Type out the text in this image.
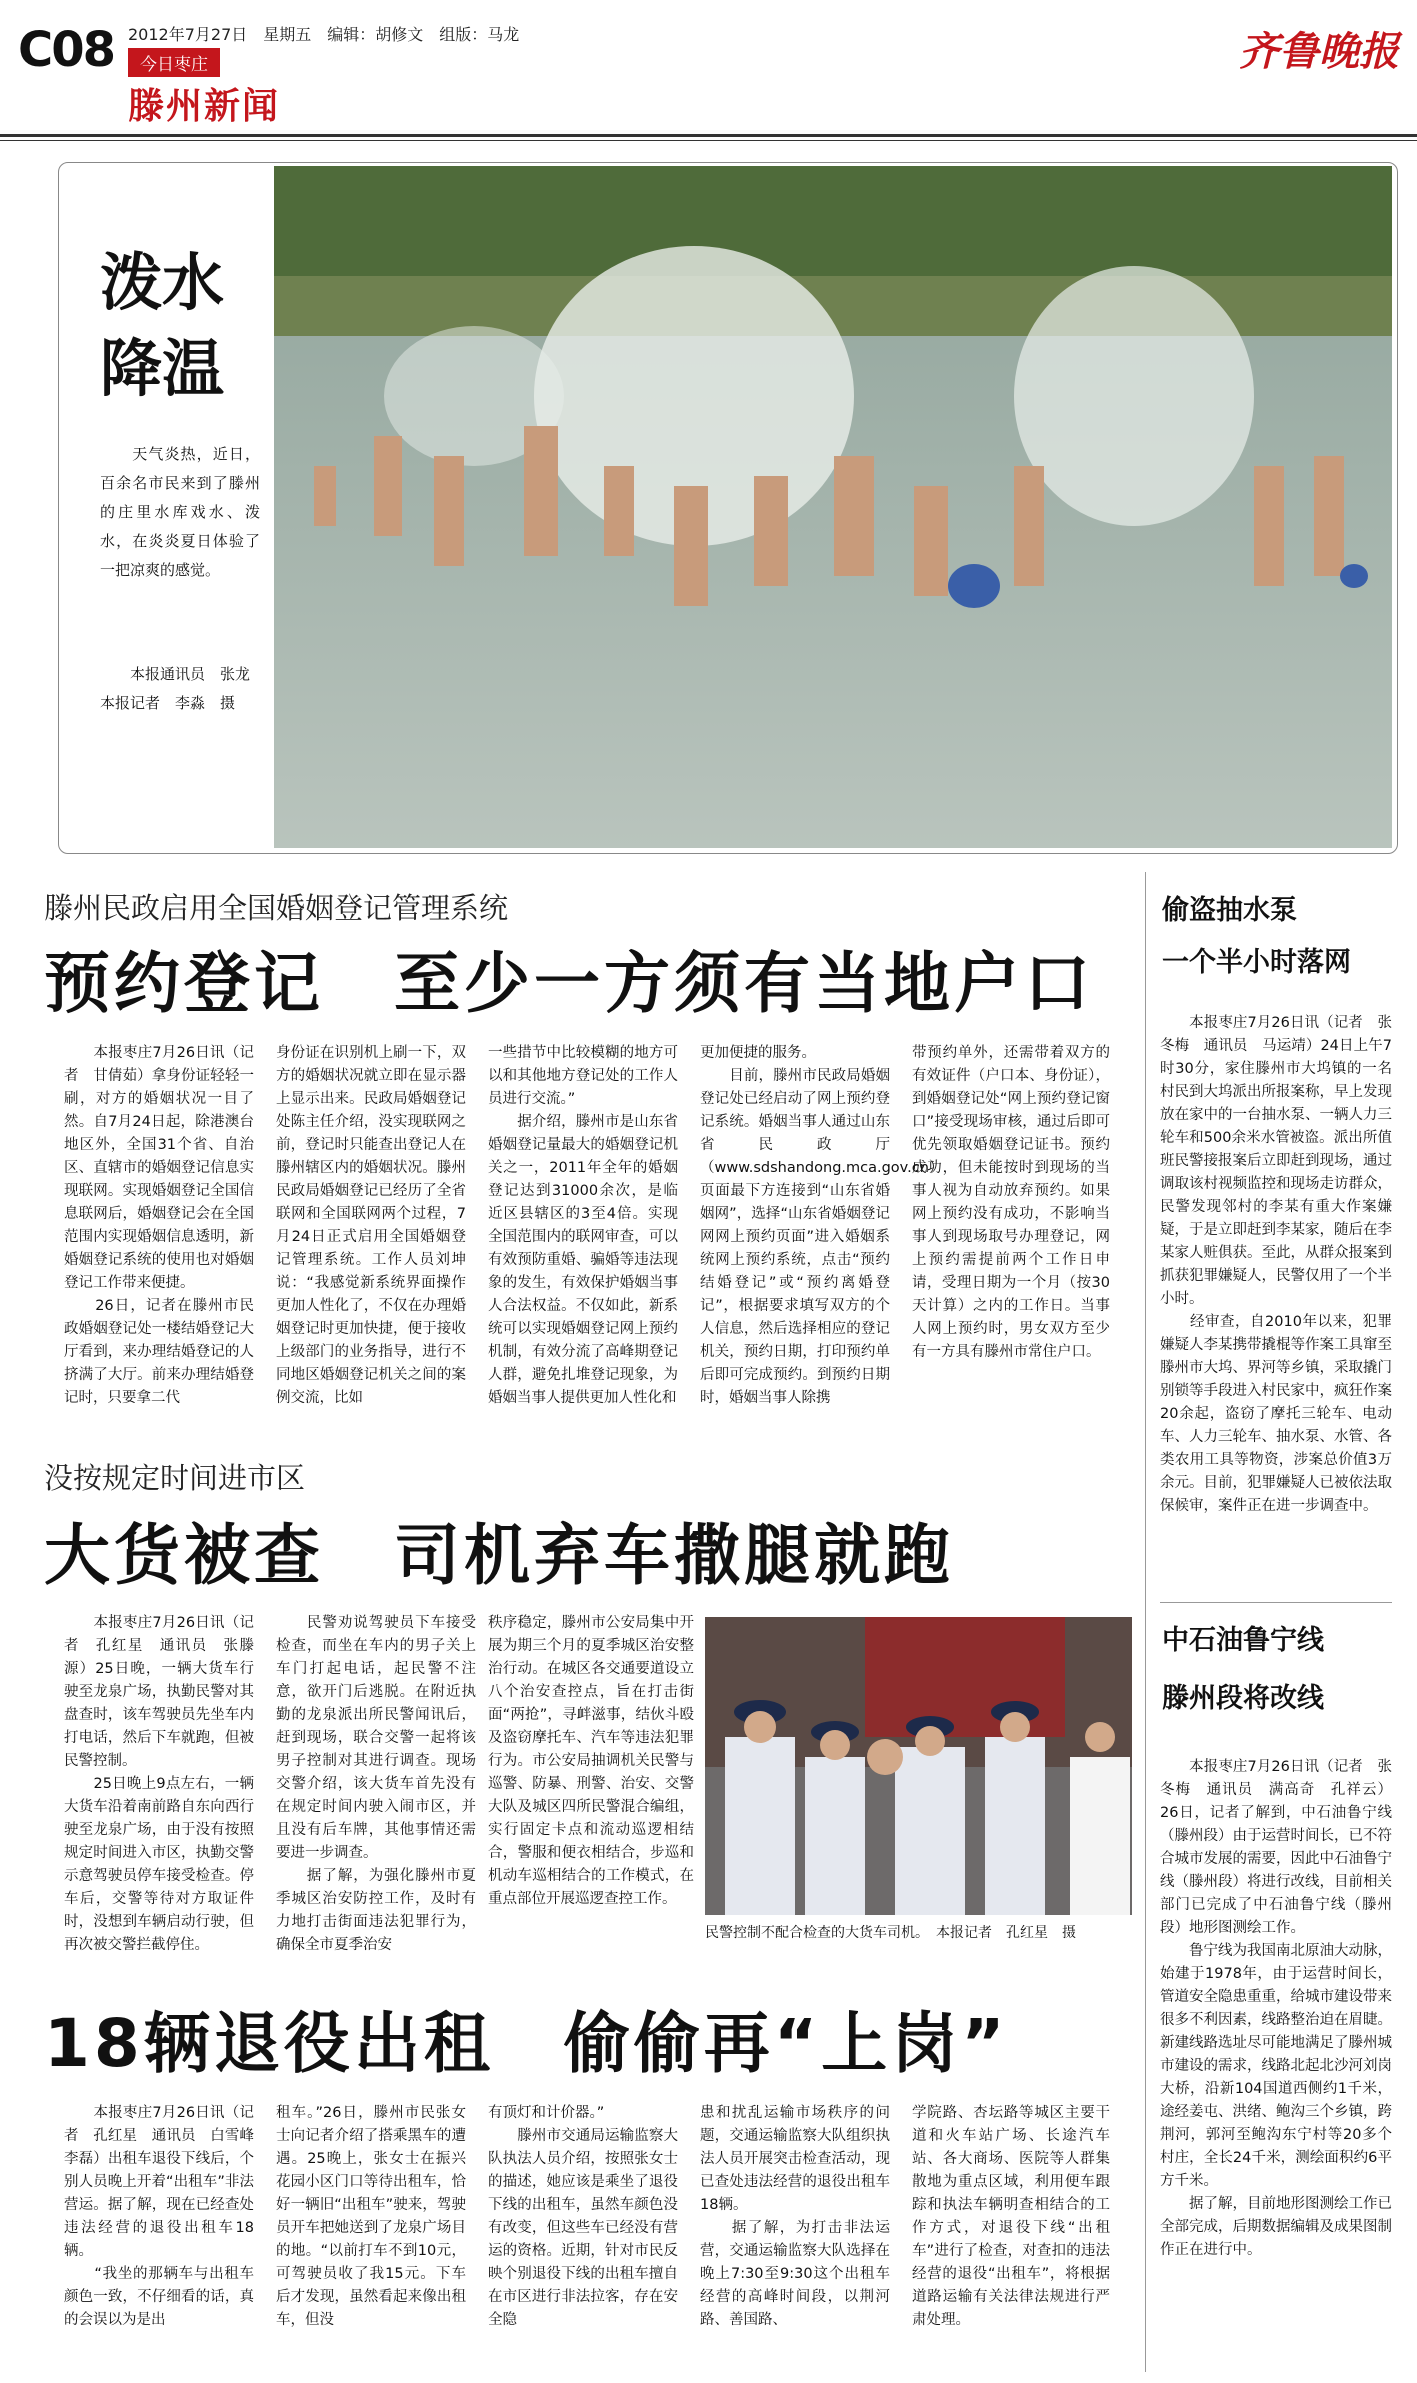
C08 2012年7月27日　星期五　编辑：胡修文　组版：马龙
今日枣庄
滕州新闻
齐鲁晚报
泼水
降温
　　天气炎热，近日，百余名市民来到了滕州的庄里水库戏水、泼水，在炎炎夏日体验了一把凉爽的感觉。
　　本报通讯员　张龙　本报记者　李淼　摄
滕州民政启用全国婚姻登记管理系统
预约登记　至少一方须有当地户口
　　本报枣庄7月26日讯（记者　甘倩茹）拿身份证轻轻一刷，对方的婚姻状况一目了然。自7月24日起，除港澳台地区外，全国31个省、自治区、直辖市的婚姻登记信息实现联网。实现婚姻登记全国信息联网后，婚姻登记会在全国范围内实现婚姻信息透明，新婚姻登记系统的使用也对婚姻登记工作带来便捷。
　　26日，记者在滕州市民政婚姻登记处一楼结婚登记大厅看到，来办理结婚登记的人挤满了大厅。前来办理结婚登记时，只要拿二代
身份证在识别机上刷一下，双方的婚姻状况就立即在显示器上显示出来。民政局婚姻登记处陈主任介绍，没实现联网之前，登记时只能查出登记人在滕州辖区内的婚姻状况。滕州民政局婚姻登记已经历了全省联网和全国联网两个过程，7月24日正式启用全国婚姻登记管理系统。工作人员刘坤说：“我感觉新系统界面操作更加人性化了，不仅在办理婚姻登记时更加快捷，便于接收上级部门的业务指导，进行不同地区婚姻登记机关之间的案例交流，比如
一些措节中比较模糊的地方可以和其他地方登记处的工作人员进行交流。”
　　据介绍，滕州市是山东省婚姻登记量最大的婚姻登记机关之一，2011年全年的婚姻登记达到31000余次，是临近区县辖区的3至4倍。实现全国范围内的联网审查，可以有效预防重婚、骗婚等违法现象的发生，有效保护婚姻当事人合法权益。不仅如此，新系统可以实现婚姻登记网上预约机制，有效分流了高峰期登记人群，避免扎堆登记现象，为婚姻当事人提供更加人性化和
更加便捷的服务。
　　目前，滕州市民政局婚姻登记处已经启动了网上预约登记系统。婚姻当事人通过山东省民政厅（www.sdshandong.mca.gov.cn）页面最下方连接到“山东省婚姻网”，选择“山东省婚姻登记网网上预约页面”进入婚姻系统网上预约系统，点击“预约结婚登记”或“预约离婚登记”，根据要求填写双方的个人信息，然后选择相应的登记机关，预约日期，打印预约单后即可完成预约。到预约日期时，婚姻当事人除携
带预约单外，还需带着双方的有效证件（户口本、身份证），到婚姻登记处“网上预约登记窗口”接受现场审核，通过后即可优先领取婚姻登记证书。预约成功，但未能按时到现场的当事人视为自动放弃预约。如果网上预约没有成功，不影响当事人到现场取号办理登记，网上预约需提前两个工作日申请，受理日期为一个月（按30天计算）之内的工作日。当事人网上预约时，男女双方至少有一方具有滕州市常住户口。
没按规定时间进市区
大货被查　司机弃车撒腿就跑
　　本报枣庄7月26日讯（记者　孔红星　通讯员　张滕源）25日晚，一辆大货车行驶至龙泉广场，执勤民警对其盘查时，该车驾驶员先坐车内打电话，然后下车就跑，但被民警控制。
　　25日晚上9点左右，一辆大货车沿着南前路自东向西行驶至龙泉广场，由于没有按照规定时间进入市区，执勤交警示意驾驶员停车接受检查。停车后，交警等待对方取证件时，没想到车辆启动行驶，但再次被交警拦截停住。
　　民警劝说驾驶员下车接受检查，而坐在车内的男子关上车门打起电话，起民警不注意，欲开门后逃脱。在附近执勤的龙泉派出所民警闻讯后，赶到现场，联合交警一起将该男子控制对其进行调查。现场交警介绍，该大货车首先没有在规定时间内驶入闹市区，并且没有后车牌，其他事情还需要进一步调查。
　　据了解，为强化滕州市夏季城区治安防控工作，及时有力地打击街面违法犯罪行为，确保全市夏季治安
秩序稳定，滕州市公安局集中开展为期三个月的夏季城区治安整治行动。在城区各交通要道设立八个治安查控点，旨在打击街面“两抢”，寻衅滋事，结伙斗殴及盗窃摩托车、汽车等违法犯罪行为。市公安局抽调机关民警与巡警、防暴、刑警、治安、交警大队及城区四所民警混合编组，实行固定卡点和流动巡逻相结合，警服和便衣相结合，步巡和机动车巡相结合的工作模式，在重点部位开展巡逻查控工作。
民警控制不配合检查的大货车司机。　本报记者　孔红星　摄
18辆退役出租　偷偷再“上岗”
　　本报枣庄7月26日讯（记者　孔红星　通讯员　白雪峰　李磊）出租车退役下线后，个别人员晚上开着“出租车”非法营运。据了解，现在已经查处违法经营的退役出租车18辆。
　　“我坐的那辆车与出租车颜色一致，不仔细看的话，真的会误以为是出
租车。”26日，滕州市民张女士向记者介绍了搭乘黑车的遭遇。25晚上，张女士在振兴花园小区门口等待出租车，恰好一辆旧“出租车”驶来，驾驶员开车把她送到了龙泉广场目的地。“以前打车不到10元，可驾驶员收了我15元。下车后才发现，虽然看起来像出租车，但没
有顶灯和计价器。”
　　滕州市交通局运输监察大队执法人员介绍，按照张女士的描述，她应该是乘坐了退役下线的出租车，虽然车颜色没有改变，但这些车已经没有营运的资格。近期，针对市民反映个别退役下线的出租车擅自在市区进行非法拉客，存在安全隐
患和扰乱运输市场秩序的问题，交通运输监察大队组织执法人员开展突击检查活动，现已查处违法经营的退役出租车18辆。
　　据了解，为打击非法运营，交通运输监察大队选择在晚上7:30至9:30这个出租车经营的高峰时间段，以荆河路、善国路、
学院路、杏坛路等城区主要干道和火车站广场、长途汽车站、各大商场、医院等人群集散地为重点区域，利用便车跟踪和执法车辆明查相结合的工作方式，对退役下线“出租车”进行了检查，对查扣的违法经营的退役“出租车”，将根据道路运输有关法律法规进行严肃处理。
偷盗抽水泵
一个半小时落网
　　本报枣庄7月26日讯（记者　张冬梅　通讯员　马运靖）24日上午7时30分，家住滕州市大坞镇的一名村民到大坞派出所报案称，早上发现放在家中的一台抽水泵、一辆人力三轮车和500余米水管被盗。派出所值班民警接报案后立即赶到现场，通过调取该村视频监控和现场走访群众，民警发现邻村的李某有重大作案嫌疑，于是立即赶到李某家，随后在李某家人赃俱获。至此，从群众报案到抓获犯罪嫌疑人，民警仅用了一个半小时。
　　经审查，自2010年以来，犯罪嫌疑人李某携带撬棍等作案工具窜至滕州市大坞、界河等乡镇，采取撬门别锁等手段进入村民家中，疯狂作案20余起，盗窃了摩托三轮车、电动车、人力三轮车、抽水泵、水管、各类农用工具等物资，涉案总价值3万余元。目前，犯罪嫌疑人已被依法取保候审，案件正在进一步调查中。
中石油鲁宁线
滕州段将改线
　　本报枣庄7月26日讯（记者　张冬梅　通讯员　满高奇　孔祥云）26日，记者了解到，中石油鲁宁线（滕州段）由于运营时间长，已不符合城市发展的需要，因此中石油鲁宁线（滕州段）将进行改线，目前相关部门已完成了中石油鲁宁线（滕州段）地形图测绘工作。
　　鲁宁线为我国南北原油大动脉，始建于1978年，由于运营时间长，管道安全隐患重重，给城市建设带来很多不利因素，线路整治迫在眉睫。新建线路选址尽可能地满足了滕州城市建设的需求，线路北起北沙河刘岗大桥，沿新104国道西侧约1千米，途经姜屯、洪绪、鲍沟三个乡镇，跨荆河，郭河至鲍沟东宁村等20多个村庄，全长24千米，测绘面积约6平方千米。
　　据了解，目前地形图测绘工作已全部完成，后期数据编辑及成果图制作正在进行中。
